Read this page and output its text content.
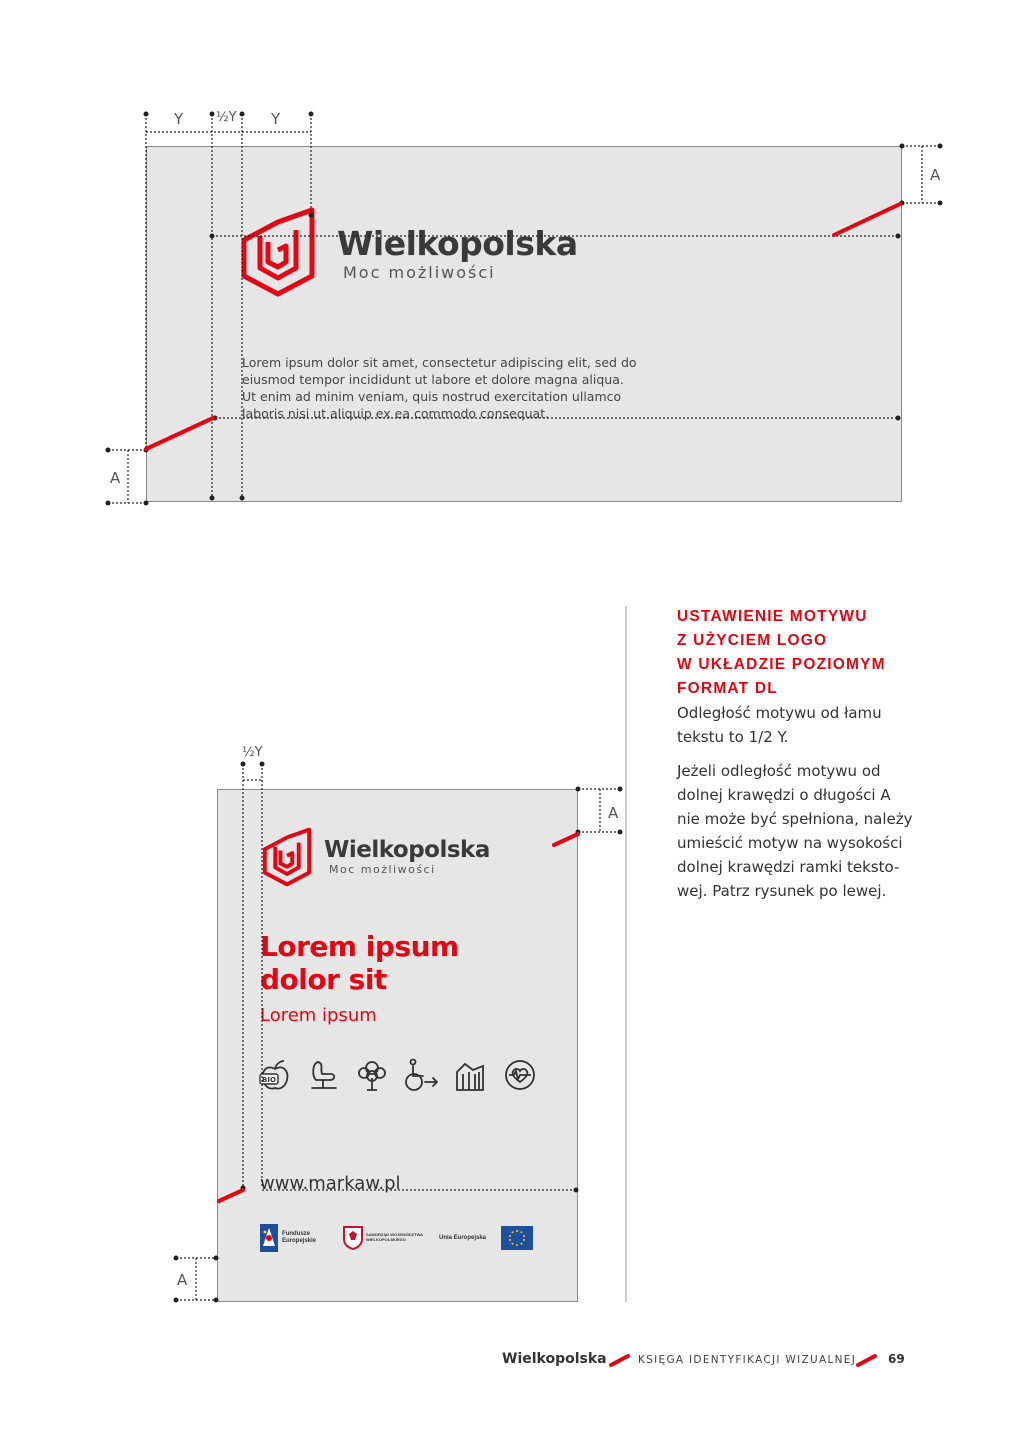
Wielkopolska
Moc możliwości
Lorem ipsum dolor sit amet, consectetur adipiscing elit, sed do
eiusmod tempor incididunt ut labore et dolore magna aliqua.
Ut enim ad minim veniam, quis nostrud exercitation ullamco
laboris nisi ut aliquip ex ea commodo consequat.
Wielkopolska
Moc możliwości
Lorem ipsum
dolor sit
Lorem ipsum
BIO
www.markaw.pl
Fundusze
Europejskie
SAMORZĄD WOJEWÓDZTWA
WIELKOPOLSKIEGO	Unia Europejska
Y	½Y Y
A
A
½Y
A
A
USTAWIENIE MOTYWU
Z UŻYCIEM LOGO
W UKŁADZIE POZIOMYM
FORMAT DL
Odległość motywu od łamu
tekstu to 1/2 Y.
Jeżeli odległość motywu od
dolnej krawędzi o długości A
nie może być spełniona, należy
umieścić motyw na wysokości
dolnej krawędzi ramki teksto-
wej. Patrz rysunek po lewej.
Wielkopolska	KSIĘGA IDENTYFIKACJI WIZUALNEJ	69
